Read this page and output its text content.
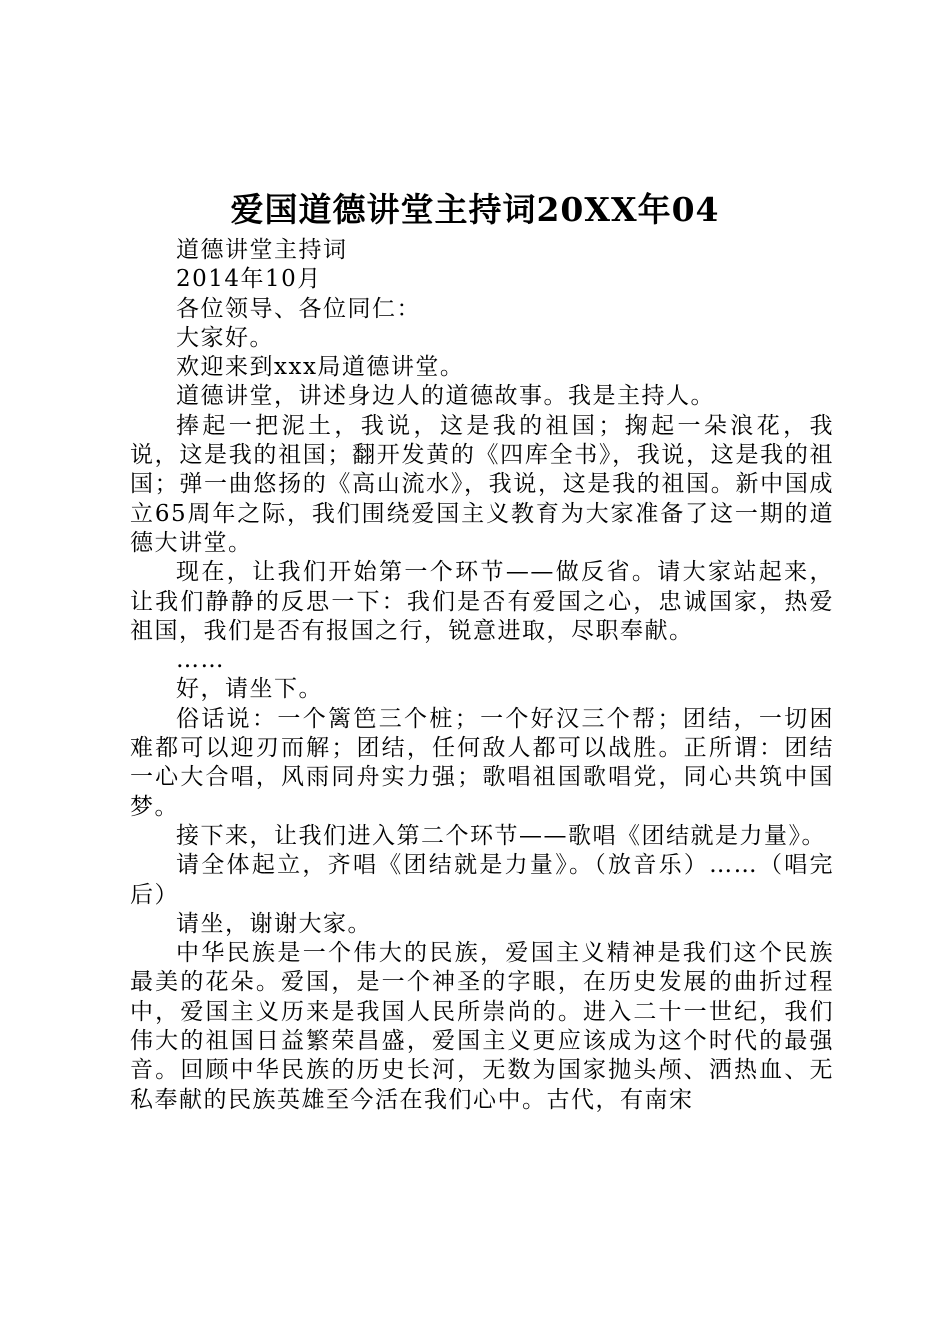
爱国道德讲堂主持词20XX年04

道德讲堂主持词

2014年10月

各位领导、各位同仁：

大家好。

欢迎来到xxx局道德讲堂。

道德讲堂，讲述身边人的道德故事。我是主持人。

捧起一把泥土，我说，这是我的祖国；掬起一朵浪花，我说，这是我的祖国；翻开发黄的《四库全书》，我说，这是我的祖国；弹一曲悠扬的《高山流水》，我说，这是我的祖国。新中国成立65周年之际，我们围绕爱国主义教育为大家准备了这一期的道德大讲堂。

现在，让我们开始第一个环节——做反省。请大家站起来，让我们静静的反思一下：我们是否有爱国之心，忠诚国家，热爱祖国，我们是否有报国之行，锐意进取，尽职奉献。

……

好，请坐下。

俗话说：一个篱笆三个桩；一个好汉三个帮；团结，一切困难都可以迎刃而解；团结，任何敌人都可以战胜。正所谓：团结一心大合唱，风雨同舟实力强；歌唱祖国歌唱党，同心共筑中国梦。

接下来，让我们进入第二个环节——歌唱《团结就是力量》。

请全体起立，齐唱《团结就是力量》。（放音乐）……（唱完后）

请坐，谢谢大家。

中华民族是一个伟大的民族，爱国主义精神是我们这个民族最美的花朵。爱国，是一个神圣的字眼，在历史发展的曲折过程中，爱国主义历来是我国人民所崇尚的。进入二十一世纪，我们伟大的祖国日益繁荣昌盛，爱国主义更应该成为这个时代的最强音。回顾中华民族的历史长河，无数为国家抛头颅、洒热血、无私奉献的民族英雄至今活在我们心中。古代，有南宋
